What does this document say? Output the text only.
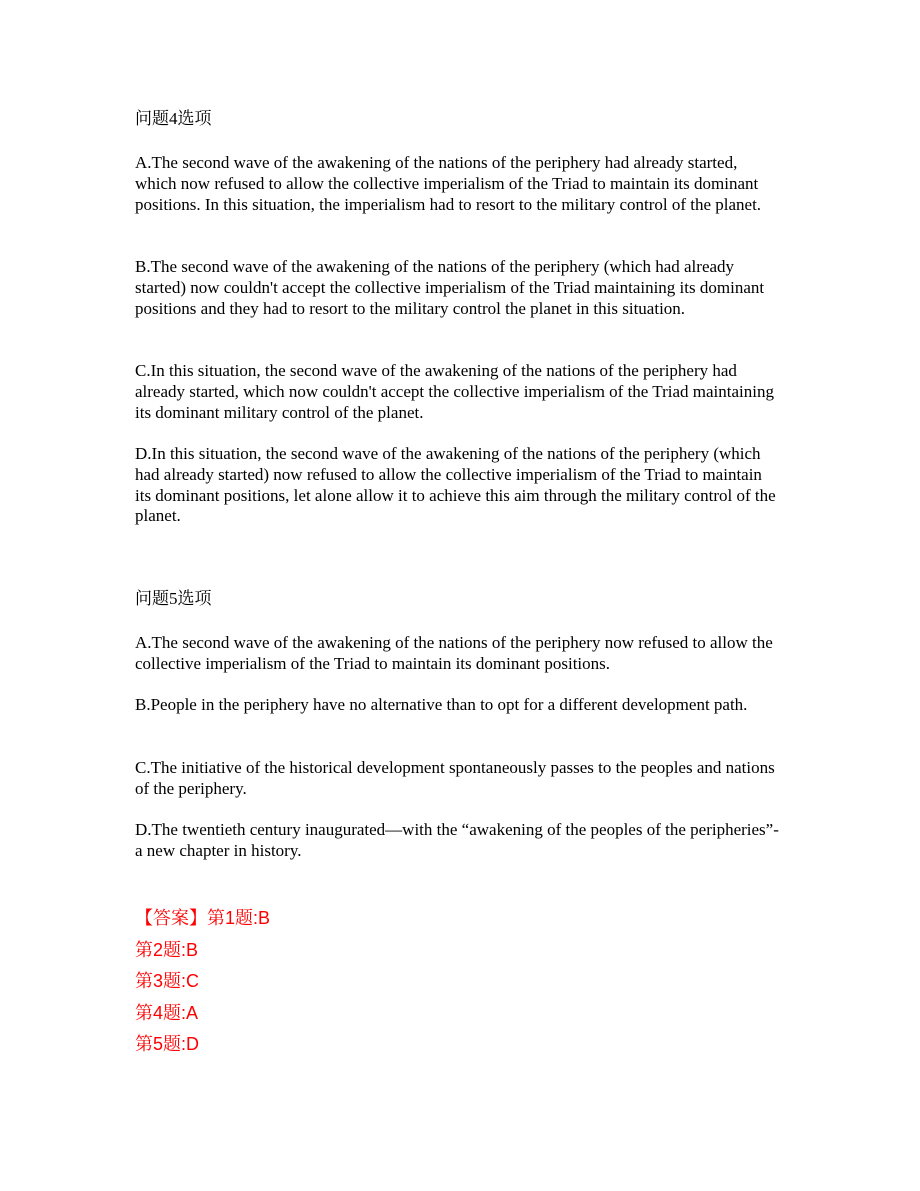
问题4选项

A.The second wave of the awakening of the nations of the periphery had already started, which now refused to allow the collective imperialism of the Triad to maintain its dominant positions. In this situation, the imperialism had to resort to the military control of the planet.

B.The second wave of the awakening of the nations of the periphery (which had already started) now couldn't accept the collective imperialism of the Triad maintaining its dominant positions and they had to resort to the military control the planet in this situation.

C.In this situation, the second wave of the awakening of the nations of the periphery had already started, which now couldn't accept the collective imperialism of the Triad maintaining its dominant military control of the planet.

D.In this situation, the second wave of the awakening of the nations of the periphery (which had already started) now refused to allow the collective imperialism of the Triad to maintain its dominant positions, let alone allow it to achieve this aim through the military control of the planet.

问题5选项

A.The second wave of the awakening of the nations of the periphery now refused to allow the collective imperialism of the Triad to maintain its dominant positions.

B.People in the periphery have no alternative than to opt for a different development path.

C.The initiative of the historical development spontaneously passes to the peoples and nations of the periphery.

D.The twentieth century inaugurated—with the “awakening of the peoples of the peripheries”-a new chapter in history.

【答案】第1题:B

第2题:B

第3题:C

第4题:A

第5题:D
